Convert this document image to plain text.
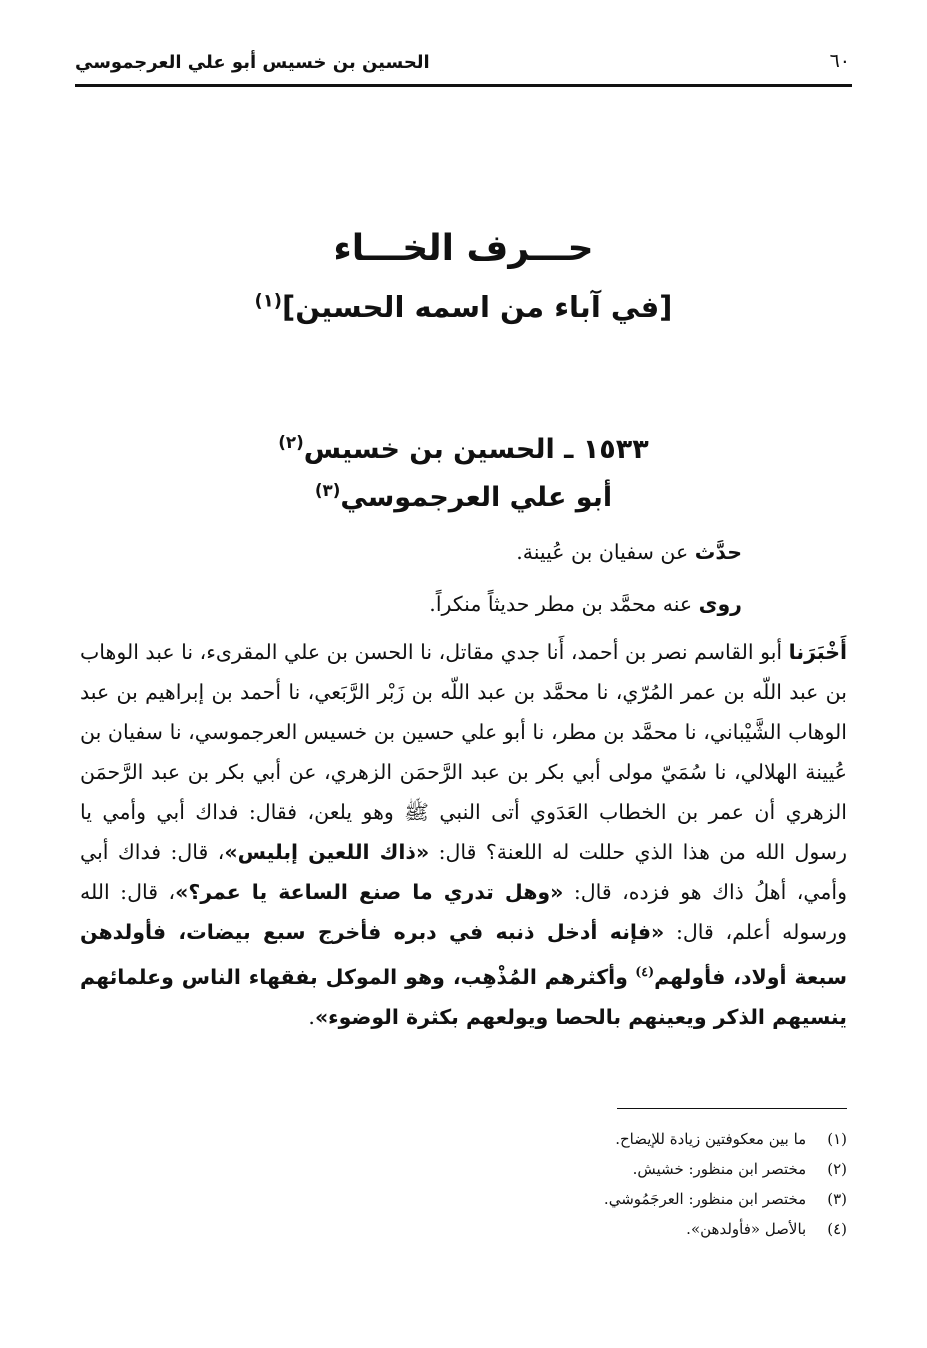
الحسين بن خسيس أبو علي العرجموسي	٦٠
حـــرف الخـــاء
[في آباء من اسمه الحسين]$^{(١)}$
١٥٣٣ ـ الحسين بن خسيس$^{(٢)}$
أبو علي العرجموسي$^{(٣)}$

حدَّث عن سفيان بن عُيينة.

روى عنه محمَّد بن مطر حديثاً منكراً.

أَخْبَرَنا أبو القاسم نصر بن أحمد، أَنا جدي مقاتل، نا الحسن بن علي المقرىء، نا عبد الوهاب بن عبد اللّه بن عمر المُرّي، نا محمَّد بن عبد اللّه بن زَبْر الرَّبَعي، نا أحمد بن إبراهيم بن عبد الوهاب الشَّيْباني، نا محمَّد بن مطر، نا أبو علي حسين بن خسيس العرجموسي، نا سفيان بن عُيينة الهلالي، نا سُمَيّ مولى أبي بكر بن عبد الرَّحمَن الزهري، عن أبي بكر بن عبد الرَّحمَن الزهري أن عمر بن الخطاب العَدَوي أتى النبي ﷺ وهو يلعن، فقال: فداك أبي وأمي يا رسول الله من هذا الذي حللت له اللعنة؟ قال: «ذاك اللعين إبليس»، قال: فداك أبي وأمي، أهلُ ذاك هو فزده، قال: «وهل تدري ما صنع الساعة يا عمر؟»، قال: الله ورسوله أعلم، قال: «فإنه أدخل ذنبه في دبره فأخرج سبع بيضات، فأولدهن سبعة أولاد، فأولهم$^{(٤)}$ وأكثرهم المُذْهِب، وهو الموكل بفقهاء الناس وعلمائهم ينسيهم الذكر ويعينهم بالحصا ويولعهم بكثرة الوضوء».

(١) ما بين معكوفتين زيادة للإيضاح.
(٢) مختصر ابن منظور: خشيش.
(٣) مختصر ابن منظور: العرجَمُوشي.
(٤) بالأصل «فأولدهن».
